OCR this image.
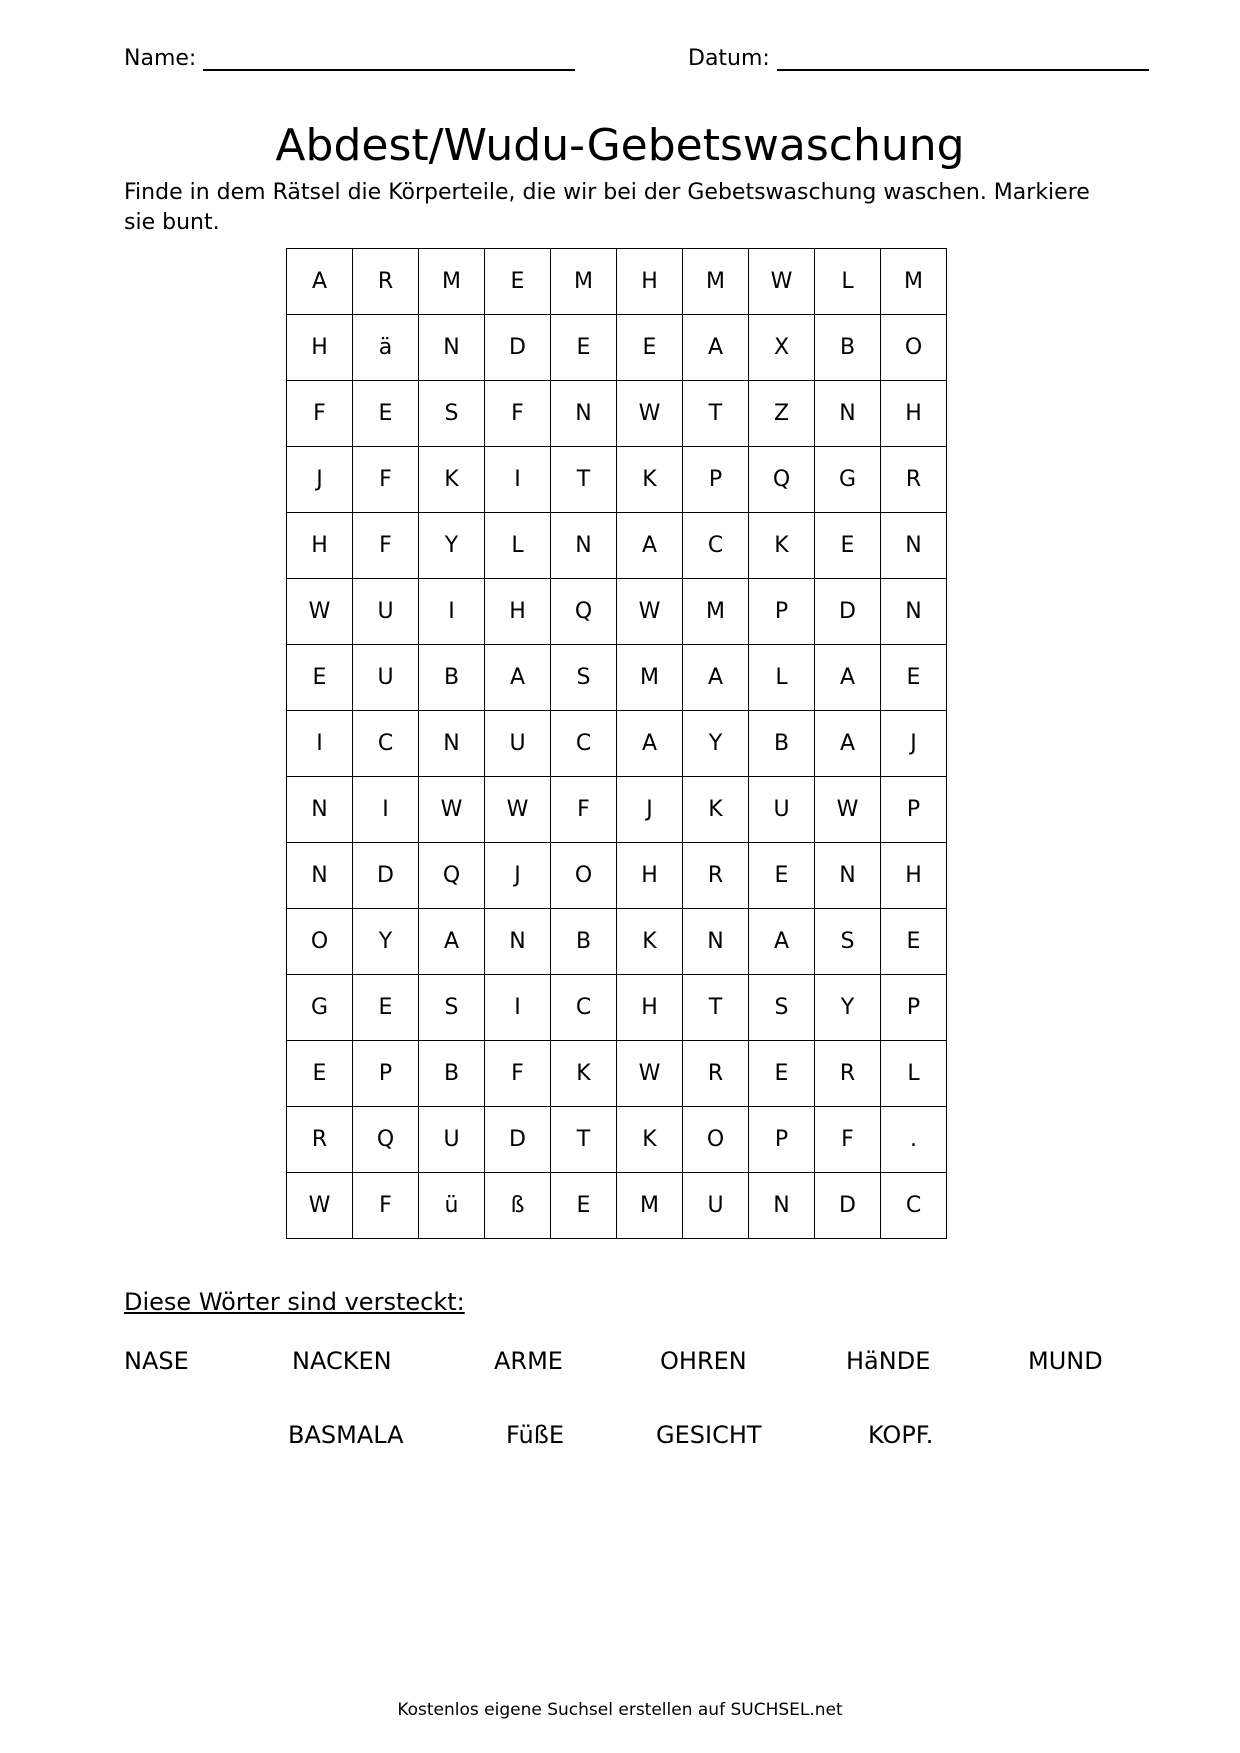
Name:	Datum:
Abdest/Wudu-Gebetswaschung
Finde in dem Rätsel die Körperteile, die wir bei der Gebetswaschung waschen. Markiere sie bunt.
A	R	M	E	M	H	M	W	L	M
H	ä	N	D	E	E	A	X	B	O
F	E	S	F	N	W	T	Z	N	H
J	F	K	I	T	K	P	Q	G	R
H	F	Y	L	N	A	C	K	E	N
W	U	I	H	Q	W	M	P	D	N
E	U	B	A	S	M	A	L	A	E
I	C	N	U	C	A	Y	B	A	J
N	I	W	W	F	J	K	U	W	P
N	D	Q	J	O	H	R	E	N	H
O	Y	A	N	B	K	N	A	S	E
G	E	S	I	C	H	T	S	Y	P
E	P	B	F	K	W	R	E	R	L
R	Q	U	D	T	K	O	P	F	.
W	F	ü	ß	E	M	U	N	D	C
Diese Wörter sind versteckt:
NASE	NACKEN	ARME	OHREN	HäNDE	MUND
BASMALA	FüßE	GESICHT	KOPF.
Kostenlos eigene Suchsel erstellen auf SUCHSEL.net
